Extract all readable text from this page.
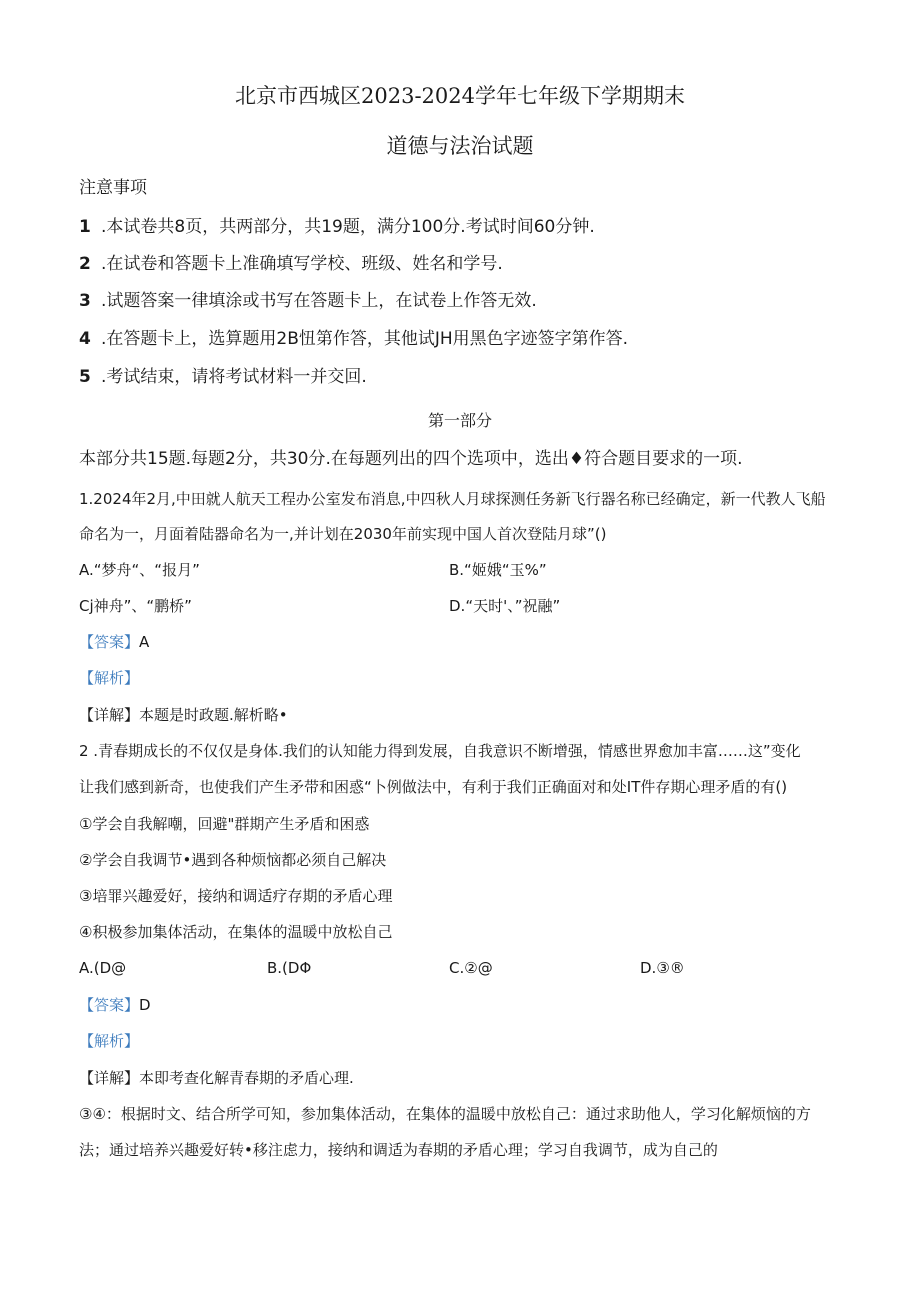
北京市西城区2023-2024学年七年级下学期期末
道德与法治试题
注意事项
1 .本试卷共8页，共两部分，共19题，满分100分.考试时间60分钟.
2 .在试卷和答题卡上准确填写学校、班级、姓名和学号.
3 .试题答案一律填涂或书写在答题卡上，在试卷上作答无效.
4 .在答题卡上，选算题用2B忸第作答，其他试JH用黑色字迹签字第作答.
5 .考试结束，请将考试材料一并交回.
第一部分
本部分共15题.每题2分，共30分.在每题列出的四个选项中，选出♦符合题目要求的一项.
1.2024年2月,中田就人航天工程办公室发布消息,中四秋人月球探测任务新飞行器名称已经确定，新一代教人飞船
命名为一，月面着陆器命名为一,并计划在2030年前实现中国人首次登陆月球”()
A.“梦舟“、“报月”	B.“姬娥“玉%”
Cj神舟”、“鹏桥”	D.“天时'、”祝融”
【答案】A
【解析】
【详解】本题是时政题.解析略•
2 .青春期成长的不仅仅是身体.我们的认知能力得到发展，自我意识不断增强，情感世界愈加丰富……这”变化
让我们感到新奇，也使我们产生矛带和困惑“卜例做法中，有利于我们正确面对和处IT件存期心理矛盾的有()
①学会自我解嘲，回避"群期产生矛盾和困惑
②学会自我调节•遇到各种烦恼都必须自己解决
③培罪兴趣爱好，接纳和调适疗存期的矛盾心理
④积极参加集体活动，在集体的温暖中放松自己
A.(D@	B.(DΦ	C.②@	D.③®
【答案】D
【解析】
【详解】本即考查化解青春期的矛盾心理.
③④：根据时文、结合所学可知，参加集体活动，在集体的温暖中放松自己：通过求助他人，学习化解烦恼的方
法；通过培养兴趣爱好转•移注虑力，接纳和调适为春期的矛盾心理；学习自我调节，成为自己的
